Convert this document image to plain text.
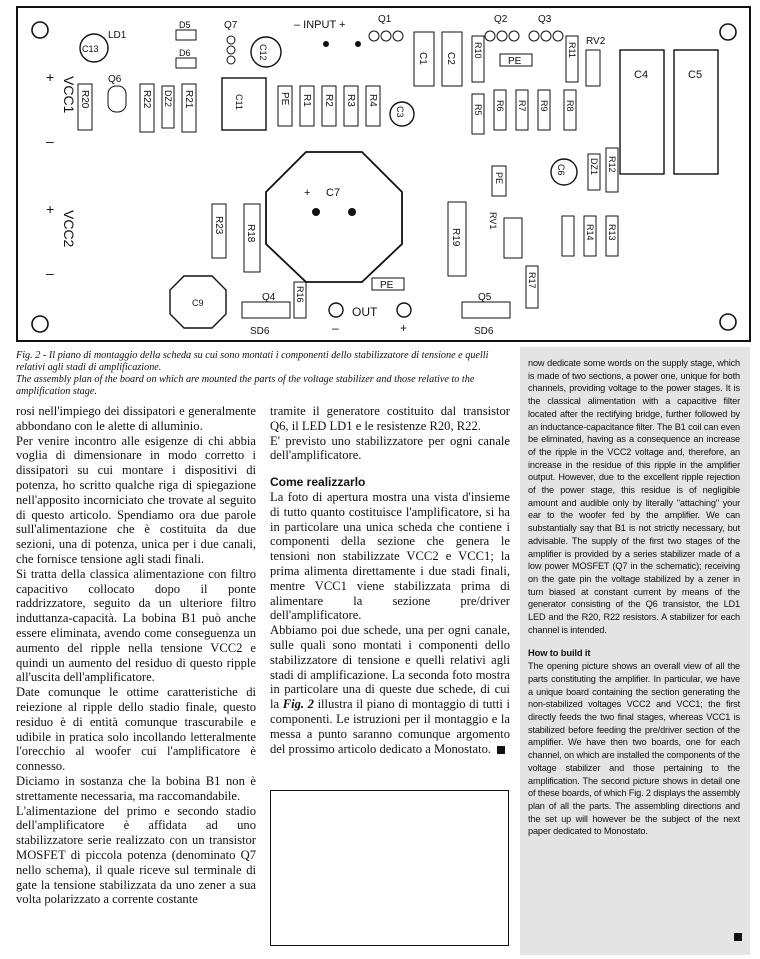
– INPUT +
+ VCC1
–
+
VCC2
–
C13
LD1
D5
D6
Q7
C12
Q6
C11
R20	R22 DZ2 R21	PE R1 R2 R3 R4
C3
Q1
C1 C2
Q2	Q3
R10
PE
R11
RV2
C4	C5
R5 R6 R7 R9 R8
C6	DZ1 R12
+ C7
R23 R18	R19
PE
RV1
R14 R13
R17
R16
C9
PE
OUT
–	+
Q4
SD6
Q5
SD6
Fig. 2 - Il piano di montaggio della scheda su cui sono montati i componenti dello stabilizzatore di tensione e quelli relativi agli stadi di amplificazione.
The assembly plan of the board on which are mounted the parts of the voltage stabilizer and those relative to the amplification stage.

rosi nell'impiego dei dissipatori e generalmente abbondano con le alette di alluminio.

Per venire incontro alle esigenze di chi abbia voglia di dimensionare in modo corretto i dissipatori su cui montare i dispositivi di potenza, ho scritto qualche riga di spiegazione nell'apposito incorniciato che trovate al seguito di questo articolo. Spendiamo ora due parole sull'alimentazione che è costituita da due sezioni, una di potenza, unica per i due canali, che fornisce tensione agli stadi finali.

Si tratta della classica alimentazione con filtro capacitivo collocato dopo il ponte raddrizzatore, seguito da un ulteriore filtro induttanza-capacità. La bobina B1 può anche essere eliminata, avendo come conseguenza un aumento del ripple nella tensione VCC2 e quindi un aumento del residuo di questo ripple all'uscita dell'amplificatore.

Date comunque le ottime caratteristiche di reiezione al ripple dello stadio finale, questo residuo è di entità comunque trascurabile e udibile in pratica solo incollando letteralmente l'orecchio al woofer cui l'amplificatore è connesso.

Diciamo in sostanza che la bobina B1 non è strettamente necessaria, ma raccomandabile.

L'alimentazione del primo e secondo stadio dell'amplificatore è affidata ad uno stabilizzatore serie realizzato con un transistor MOSFET di piccola potenza (denominato Q7 nello schema), il quale riceve sul terminale di gate la tensione stabilizzata da uno zener a sua volta polarizzato a corrente costante

tramite il generatore costituito dal transistor Q6, il LED LD1 e le resistenze R20, R22.

E' previsto uno stabilizzatore per ogni canale dell'amplificatore.

Come realizzarlo

La foto di apertura mostra una vista d'insieme di tutto quanto costituisce l'amplificatore, si ha in particolare una unica scheda che contiene i componenti della sezione che genera le tensioni non stabilizzate VCC2 e VCC1; la prima alimenta direttamente i due stadi finali, mentre VCC1 viene stabilizzata prima di alimentare la sezione pre/driver dell'amplificatore.

Abbiamo poi due schede, una per ogni canale, sulle quali sono montati i componenti dello stabilizzatore di tensione e quelli relativi agli stadi di amplificazione. La seconda foto mostra in particolare una di queste due schede, di cui la Fig. 2 illustra il piano di montaggio di tutti i componenti. Le istruzioni per il montaggio e la messa a punto saranno comunque argomento del prossimo articolo dedicato a Monostato.

now dedicate some words on the supply stage, which is made of two sections, a power one, unique for both channels, providing voltage to the power stages. It is the classical alimentation with a capacitive filter located after the rectifying bridge, further followed by an inductance-capacitance filter. The B1 coil can even be eliminated, having as a consequence an increase of the ripple in the VCC2 voltage and, therefore, an increase in the residue of this ripple in the amplifier output. However, due to the excellent ripple rejection of the power stage, this residue is of negligible amount and audible only by literally "attaching" your ear to the woofer fed by the amplifier. We can substantially say that B1 is not strictly necessary, but advisable. The supply of the first two stages of the amplifier is provided by a series stabilizer made of a low power MOSFET (Q7 in the schematic); receiving on the gate pin the voltage stabilized by a zener in turn biased at constant current by means of the generator consisting of the Q6 transistor, the LD1 LED and the R20, R22 resistors. A stabilizer for each channel is intended.

How to build it

The opening picture shows an overall view of all the parts constituting the amplifier. In particular, we have a unique board containing the section generating the non-stabilized voltages VCC2 and VCC1; the first directly feeds the two final stages, whereas VCC1 is stabilized before feeding the pre/driver section of the amplifier. We have then two boards, one for each channel, on which are installed the components of the voltage stabilizer and those pertaining to the amplification. The second picture shows in detail one of these boards, of which Fig. 2 displays the assembly plan of all the parts. The assembling directions and the set up will however be the subject of the next paper dedicated to Monostato.
